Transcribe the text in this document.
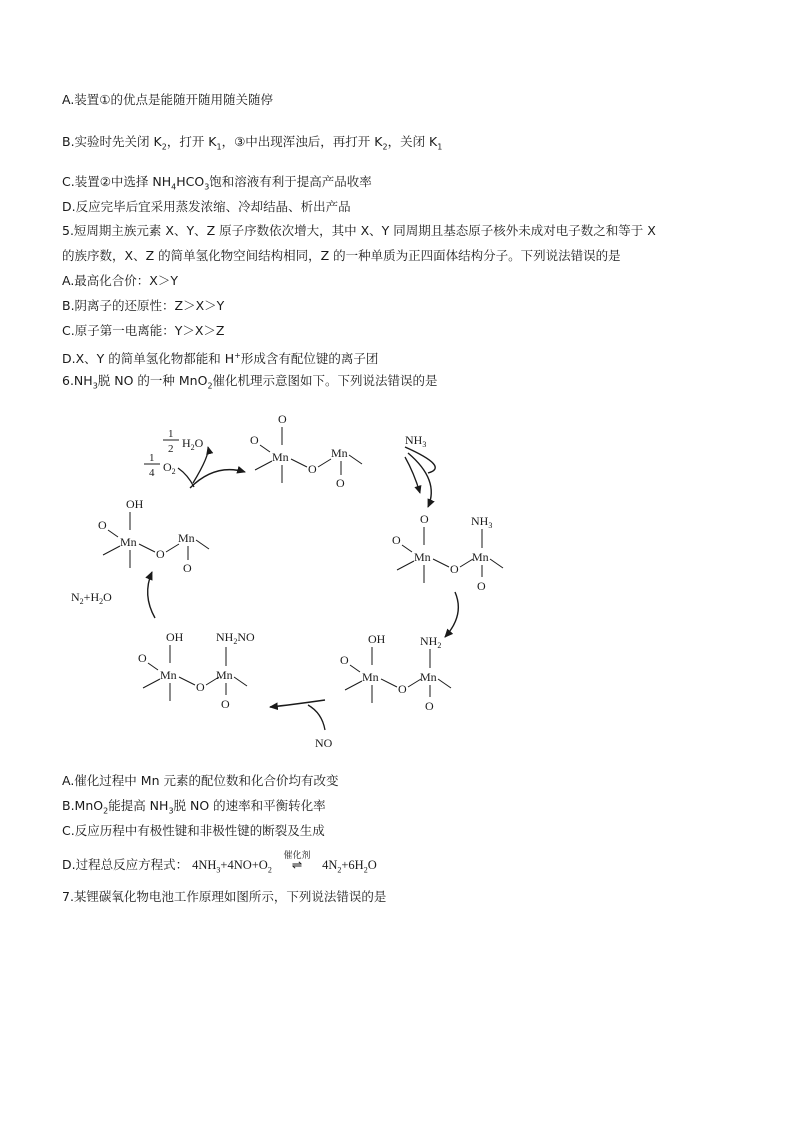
A.装置①的优点是能随开随用随关随停
B.实验时先关闭 $K_2$，打开 $K_1$，③中出现浑浊后，再打开 $K_2$，关闭 $K_1$
C.装置②中选择 $NH_4HCO_3$饱和溶液有利于提高产品收率
D.反应完毕后宜采用蒸发浓缩、冷却结晶、析出产品
5.短周期主族元素 X、Y、Z 原子序数依次增大，其中 X、Y 同周期且基态原子核外未成对电子数之和等于 X
的族序数，X、Z 的简单氢化物空间结构相同，Z 的一种单质为正四面体结构分子。下列说法错误的是
A.最高化合价：X＞Y
B.阴离子的还原性：Z＞X＞Y
C.原子第一电离能：Y＞X＞Z
D.X、Y 的简单氢化物都能和 H+形成含有配位键的离子团
$6.NH_3$脱 NO 的一种 MnO$_2$催化机理示意图如下。下列说法错误的是
$NH_3$
NO
$N_2+H_2O$
1
2 $H_2O$
1
4 $O_2$
O
O
Mn
O
Mn
O
O
O
Mn
O
Mn
$NH_3$
O
OH
O
Mn
O
Mn
$NH_2$
O
OH
O
Mn
O
Mn
$NH_2NO$
O
OH
O
Mn
O
Mn
O
A.催化过程中 Mn 元素的配位数和化合价均有改变
B.MnO$_2$能提高 $NH_3$脱 NO 的速率和平衡转化率
C.反应历程中有极性键和非极性键的断裂及生成
D.过程总反应方程式： $4NH_3+4NO+O_2$
催化剂
⇌ $4N_2+6H_2O$
7.某锂碳氧化物电池工作原理如图所示，下列说法错误的是
